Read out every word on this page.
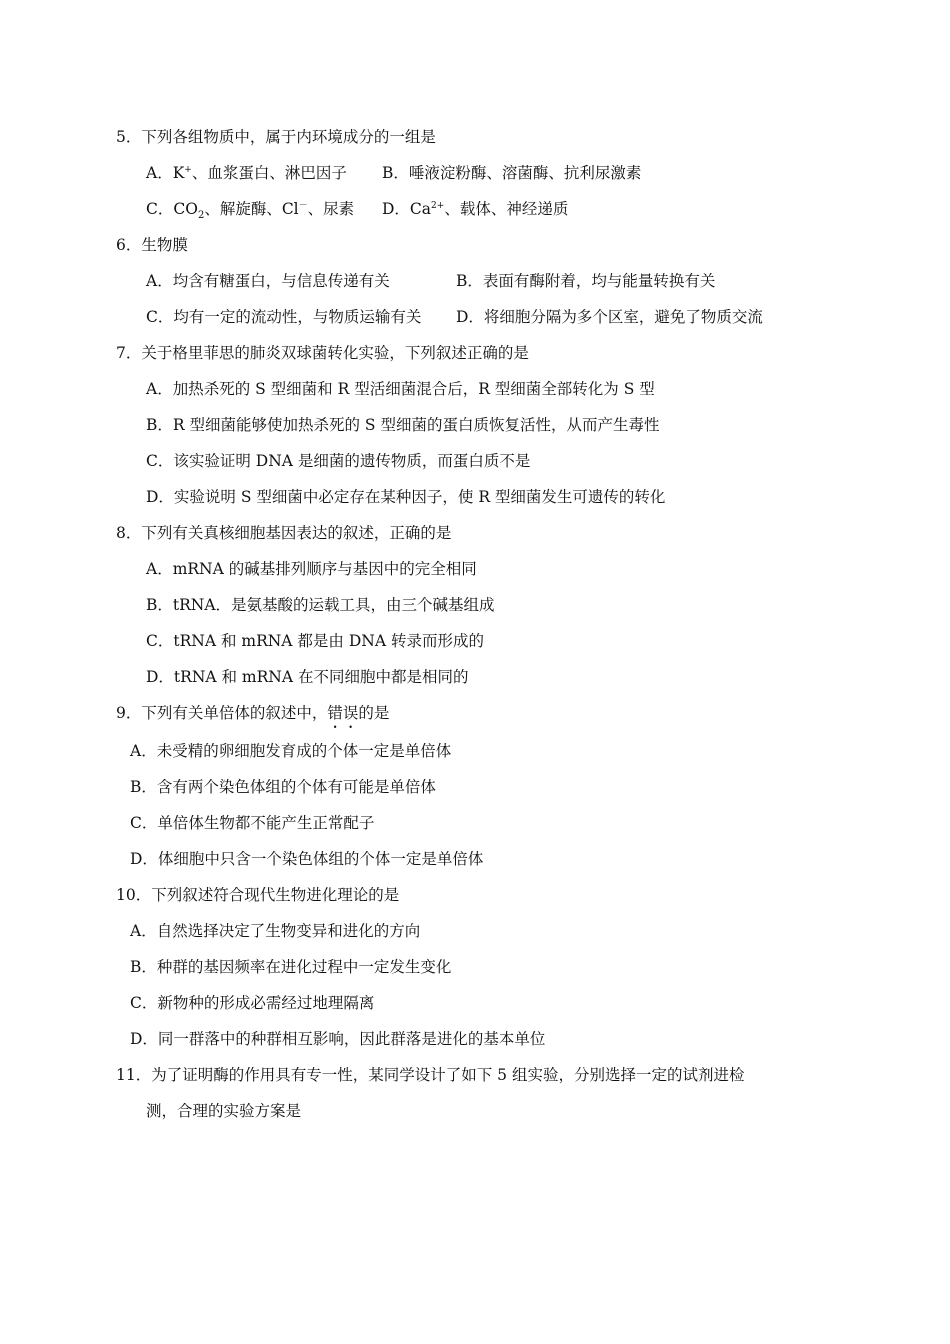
5．下列各组物质中，属于内环境成分的一组是
A．K+、血浆蛋白、淋巴因子 B．唾液淀粉酶、溶菌酶、抗利尿激素
C．$CO_2$、解旋酶、Cl－、尿素 D．$Ca^{2+}$、载体、神经递质
6．生物膜
A．均含有糖蛋白，与信息传递有关	B．表面有酶附着，均与能量转换有关
C．均有一定的流动性，与物质运输有关 D．将细胞分隔为多个区室，避免了物质交流
7．关于格里菲思的肺炎双球菌转化实验，下列叙述正确的是
A．加热杀死的 S 型细菌和 R 型活细菌混合后，R 型细菌全部转化为 S 型
B．R 型细菌能够使加热杀死的 S 型细菌的蛋白质恢复活性，从而产生毒性
C．该实验证明 DNA 是细菌的遗传物质，而蛋白质不是
D．实验说明 S 型细菌中必定存在某种因子，使 R 型细菌发生可遗传的转化
8．下列有关真核细胞基因表达的叙述，正确的是
A．mRNA 的碱基排列顺序与基因中的完全相同
B．tRNA．是氨基酸的运载工具，由三个碱基组成
C．tRNA 和 mRNA 都是由 DNA 转录而形成的
D．tRNA 和 mRNA 在不同细胞中都是相同的
9．下列有关单倍体的叙述中，错误的是
A．未受精的卵细胞发育成的个体一定是单倍体
B．含有两个染色体组的个体有可能是单倍体
C．单倍体生物都不能产生正常配子
D．体细胞中只含一个染色体组的个体一定是单倍体
10．下列叙述符合现代生物进化理论的是
A．自然选择决定了生物变异和进化的方向
B．种群的基因频率在进化过程中一定发生变化
C．新物种的形成必需经过地理隔离
D．同一群落中的种群相互影响，因此群落是进化的基本单位
11．为了证明酶的作用具有专一性，某同学设计了如下 5 组实验，分别选择一定的试剂进检
测，合理的实验方案是
